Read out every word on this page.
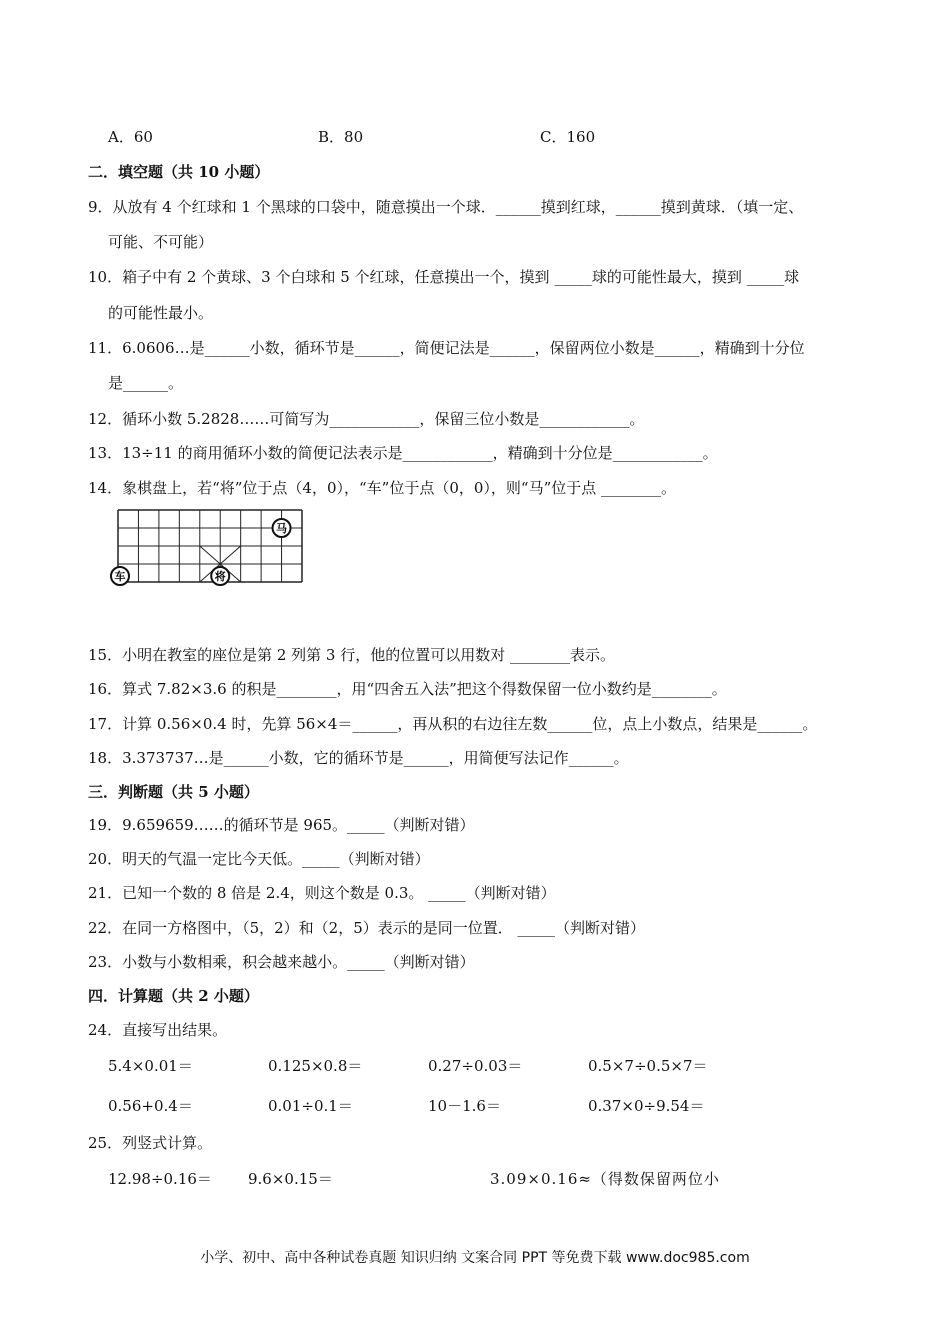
A．60	B．80	C．160
二．填空题（共 10 小题）
9．从放有 4 个红球和 1 个黑球的口袋中，随意摸出一个球．______摸到红球，______摸到黄球．（填一定、
可能、不可能）
10．箱子中有 2 个黄球、3 个白球和 5 个红球，任意摸出一个，摸到 _____球的可能性最大，摸到 _____球
的可能性最小。
11．6.0606…是______小数，循环节是______，简便记法是______，保留两位小数是______，精确到十分位
是______。
12．循环小数 5.2828……可简写为____________，保留三位小数是____________。
13．13÷11 的商用循环小数的简便记法表示是____________，精确到十分位是____________。
14．象棋盘上，若“将”位于点（4，0），“车”位于点（0，0），则“马”位于点 ________。
马
车	将
15．小明在教室的座位是第 2 列第 3 行，他的位置可以用数对 ________表示。
16．算式 7.82×3.6 的积是________，用“四舍五入法”把这个得数保留一位小数约是________。
17．计算 0.56×0.4 时，先算 56×4＝______，再从积的右边往左数______位，点上小数点，结果是______。
18．3.373737…是______小数，它的循环节是______，用简便写法记作______。
三．判断题（共 5 小题）
19．9.659659……的循环节是 965。_____（判断对错）
20．明天的气温一定比今天低。_____（判断对错）
21．已知一个数的 8 倍是 2.4，则这个数是 0.3。 _____（判断对错）
22．在同一方格图中，（5，2）和（2，5）表示的是同一位置． _____（判断对错）
23．小数与小数相乘，积会越来越小。_____（判断对错）
四．计算题（共 2 小题）
24．直接写出结果。
5.4×0.01＝	0.125×0.8＝	0.27÷0.03＝	0.5×7÷0.5×7＝
0.56+0.4＝	0.01÷0.1＝	10－1.6＝	0.37×0÷9.54＝
25．列竖式计算。
12.98÷0.16＝ 9.6×0.15＝	3.09×0.16≈（得数保留两位小
小学、初中、高中各种试卷真题 知识归纳 文案合同 PPT 等免费下载 www.doc985.com
